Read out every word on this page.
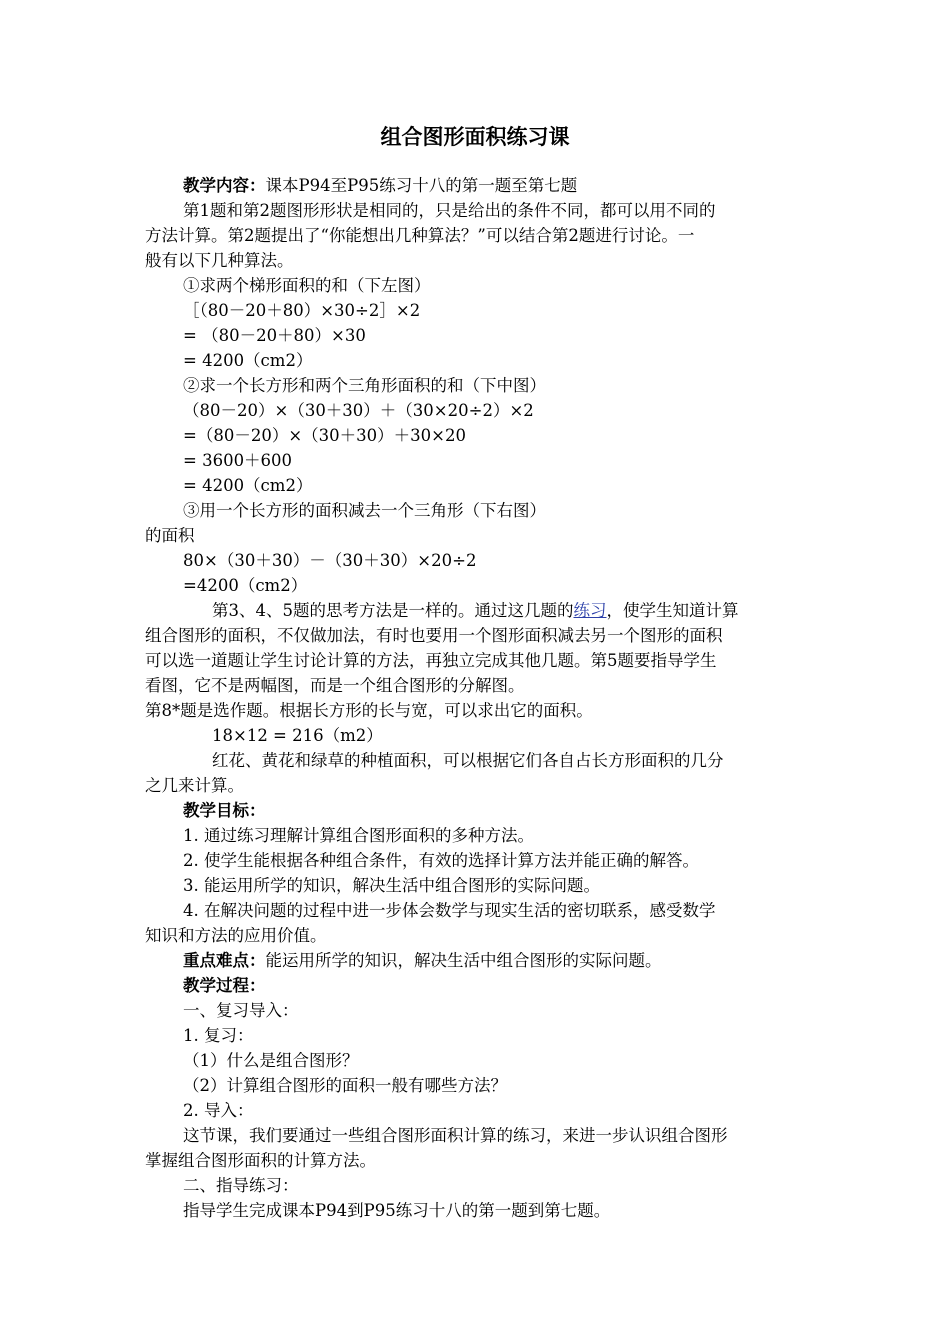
组合图形面积练习课
教学内容：课本P94至P95练习十八的第一题至第七题
第1题和第2题图形形状是相同的，只是给出的条件不同，都可以用不同的
方法计算。第2题提出了“你能想出几种算法？”可以结合第2题进行讨论。一
般有以下几种算法。
①求两个梯形面积的和（下左图）
［（80－20＋80）×30÷2］×2
= （80－20＋80）×30
= 4200（cm2）
②求一个长方形和两个三角形面积的和（下中图）
（80－20）×（30＋30）＋（30×20÷2）×2
=（80－20）×（30＋30）＋30×20
= 3600＋600
= 4200（cm2）
③用一个长方形的面积减去一个三角形（下右图）
的面积
80×（30＋30）－（30＋30）×20÷2
=4200（cm2）
第3、4、5题的思考方法是一样的。通过这几题的练习，使学生知道计算
组合图形的面积，不仅做加法，有时也要用一个图形面积减去另一个图形的面积
可以选一道题让学生讨论计算的方法，再独立完成其他几题。第5题要指导学生
看图，它不是两幅图，而是一个组合图形的分解图。
第8*题是选作题。根据长方形的长与宽，可以求出它的面积。
18×12 = 216（m2）
红花、黄花和绿草的种植面积，可以根据它们各自占长方形面积的几分
之几来计算。
教学目标：
1. 通过练习理解计算组合图形面积的多种方法。
2. 使学生能根据各种组合条件，有效的选择计算方法并能正确的解答。
3. 能运用所学的知识，解决生活中组合图形的实际问题。
4. 在解决问题的过程中进一步体会数学与现实生活的密切联系，感受数学
知识和方法的应用价值。
重点难点：能运用所学的知识，解决生活中组合图形的实际问题。
教学过程：
一、复习导入：
1. 复习：
（1）什么是组合图形？
（2）计算组合图形的面积一般有哪些方法？
2. 导入：
这节课，我们要通过一些组合图形面积计算的练习，来进一步认识组合图形
掌握组合图形面积的计算方法。
二、指导练习：
指导学生完成课本P94到P95练习十八的第一题到第七题。
